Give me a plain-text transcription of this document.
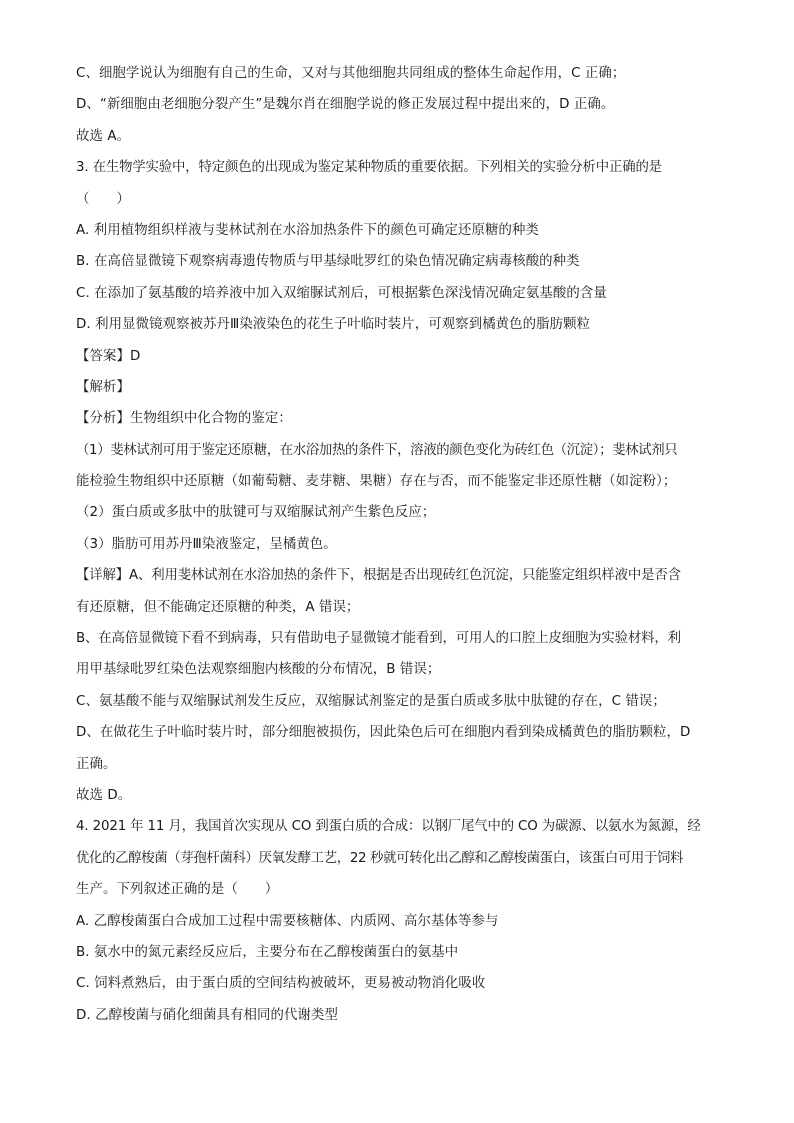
C、细胞学说认为细胞有自己的生命，又对与其他细胞共同组成的整体生命起作用，C 正确；
D、“新细胞由老细胞分裂产生”是魏尔肖在细胞学说的修正发展过程中提出来的，D 正确。
故选 A。
3. 在生物学实验中，特定颜色的出现成为鉴定某种物质的重要依据。下列相关的实验分析中正确的是
（　　）
A. 利用植物组织样液与斐林试剂在水浴加热条件下的颜色可确定还原糖的种类
B. 在高倍显微镜下观察病毒遗传物质与甲基绿吡罗红的染色情况确定病毒核酸的种类
C. 在添加了氨基酸的培养液中加入双缩脲试剂后，可根据紫色深浅情况确定氨基酸的含量
D. 利用显微镜观察被苏丹Ⅲ染液染色的花生子叶临时装片，可观察到橘黄色的脂肪颗粒
【答案】D
【解析】
【分析】生物组织中化合物的鉴定：
（1）斐林试剂可用于鉴定还原糖，在水浴加热的条件下，溶液的颜色变化为砖红色（沉淀）；斐林试剂只
能检验生物组织中还原糖（如葡萄糖、麦芽糖、果糖）存在与否，而不能鉴定非还原性糖（如淀粉）；
（2）蛋白质或多肽中的肽键可与双缩脲试剂产生紫色反应；
（3）脂肪可用苏丹Ⅲ染液鉴定，呈橘黄色。
【详解】A、利用斐林试剂在水浴加热的条件下，根据是否出现砖红色沉淀，只能鉴定组织样液中是否含
有还原糖，但不能确定还原糖的种类，A 错误；
B、在高倍显微镜下看不到病毒，只有借助电子显微镜才能看到，可用人的口腔上皮细胞为实验材料，利
用甲基绿吡罗红染色法观察细胞内核酸的分布情况，B 错误；
C、氨基酸不能与双缩脲试剂发生反应，双缩脲试剂鉴定的是蛋白质或多肽中肽键的存在，C 错误；
D、在做花生子叶临时装片时，部分细胞被损伤，因此染色后可在细胞内看到染成橘黄色的脂肪颗粒，D
正确。
故选 D。
4. 2021 年 11 月，我国首次实现从 CO 到蛋白质的合成：以钢厂尾气中的 CO 为碳源、以氨水为氮源，经
优化的乙醇梭菌（芽孢杆菌科）厌氧发酵工艺，22 秒就可转化出乙醇和乙醇梭菌蛋白，该蛋白可用于饲料
生产。下列叙述正确的是（　　）
A. 乙醇梭菌蛋白合成加工过程中需要核糖体、内质网、高尔基体等参与
B. 氨水中的氮元素经反应后，主要分布在乙醇梭菌蛋白的氨基中
C. 饲料煮熟后，由于蛋白质的空间结构被破坏，更易被动物消化吸收
D. 乙醇梭菌与硝化细菌具有相同的代谢类型
